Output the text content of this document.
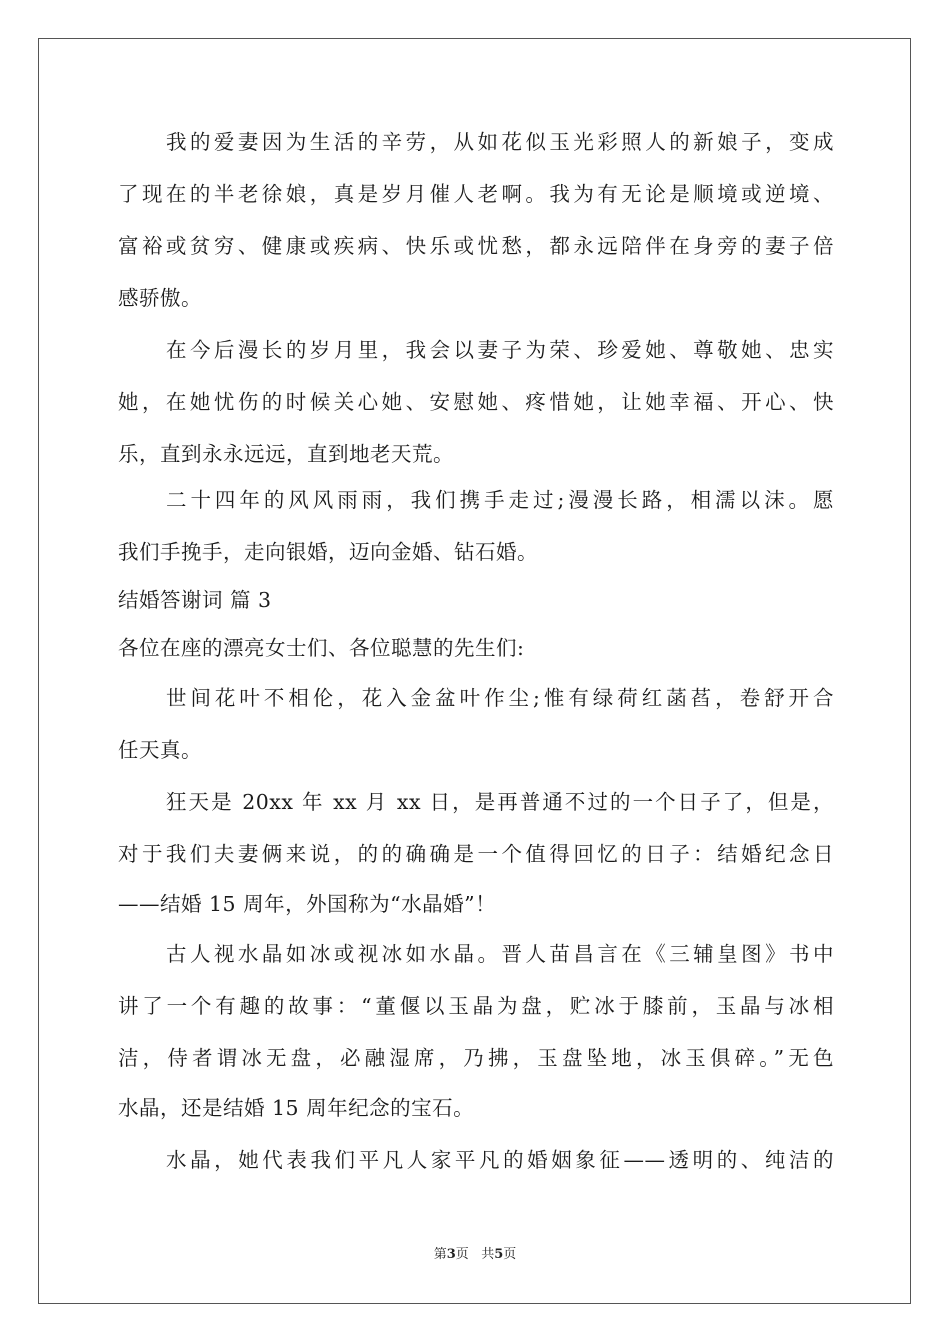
我的爱妻因为生活的辛劳，从如花似玉光彩照人的新娘子，变成
了现在的半老徐娘，真是岁月催人老啊。我为有无论是顺境或逆境、
富裕或贫穷、健康或疾病、快乐或忧愁，都永远陪伴在身旁的妻子倍
感骄傲。
在今后漫长的岁月里，我会以妻子为荣、珍爱她、尊敬她、忠实
她，在她忧伤的时候关心她、安慰她、疼惜她，让她幸福、开心、快
乐，直到永永远远，直到地老天荒。
二十四年的风风雨雨，我们携手走过;漫漫长路，相濡以沫。愿
我们手挽手，走向银婚，迈向金婚、钻石婚。
结婚答谢词 篇 3
各位在座的漂亮女士们、各位聪慧的先生们:
世间花叶不相伦，花入金盆叶作尘;惟有绿荷红菡萏，卷舒开合
任天真。
狂天是 20xx 年 xx 月 xx 日，是再普通不过的一个日子了，但是，
对于我们夫妻俩来说，的的确确是一个值得回忆的日子：结婚纪念日
——结婚 15 周年，外国称为“水晶婚”！
古人视水晶如冰或视冰如水晶。晋人苗昌言在《三辅皇图》书中
讲了一个有趣的故事：“董偃以玉晶为盘，贮冰于膝前，玉晶与冰相
洁，侍者谓冰无盘，必融湿席，乃拂，玉盘坠地，冰玉俱碎。”无色
水晶，还是结婚 15 周年纪念的宝石。
水晶，她代表我们平凡人家平凡的婚姻象征——透明的、纯洁的
第3页 共5页
